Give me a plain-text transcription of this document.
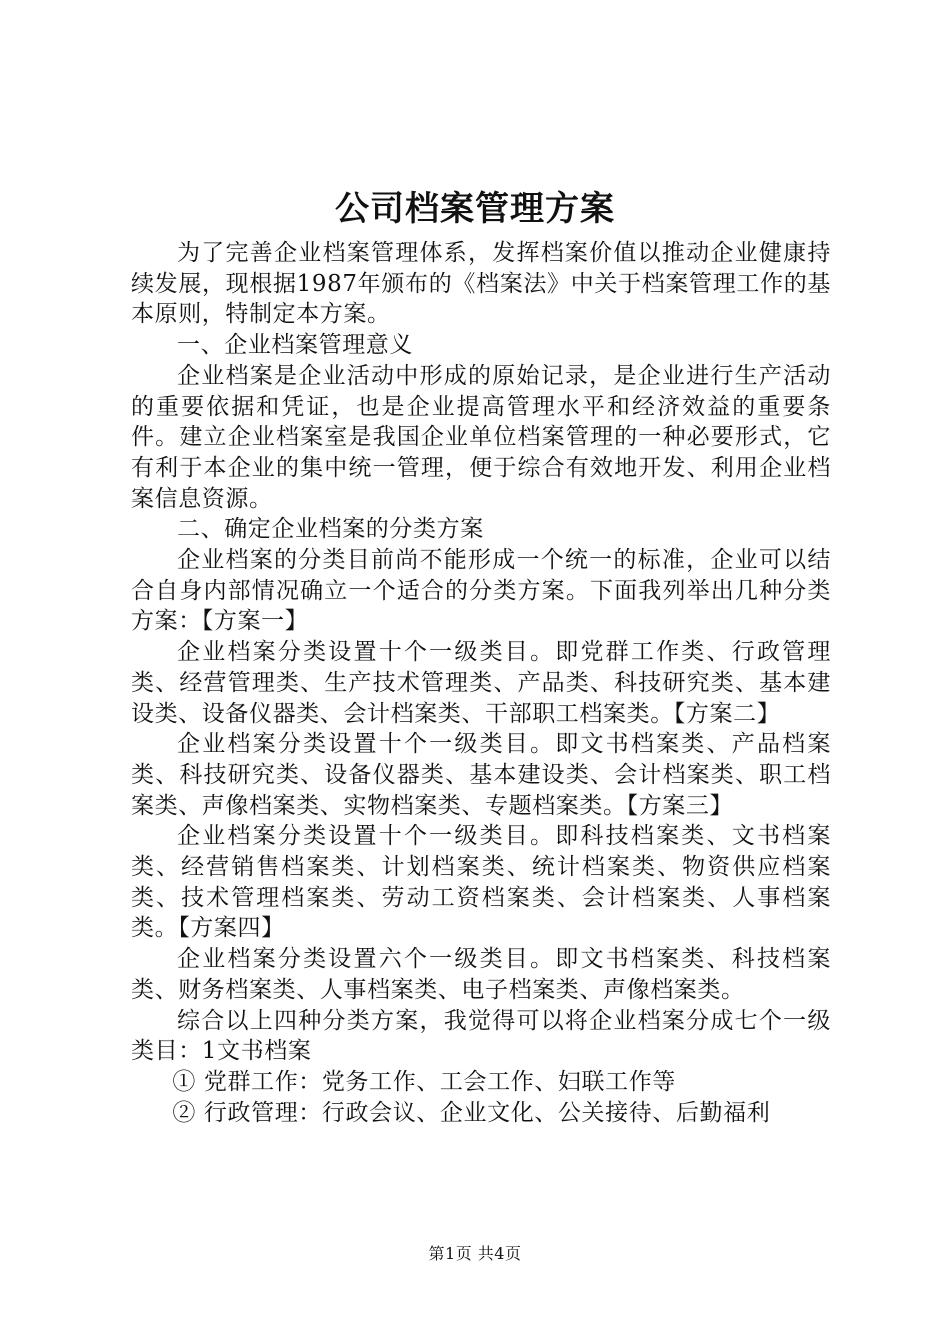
公司档案管理方案

为了完善企业档案管理体系，发挥档案价值以推动企业健康持续发展，现根据1987年颁布的《档案法》中关于档案管理工作的基本原则，特制定本方案。

一、企业档案管理意义

企业档案是企业活动中形成的原始记录，是企业进行生产活动的重要依据和凭证，也是企业提高管理水平和经济效益的重要条件。建立企业档案室是我国企业单位档案管理的一种必要形式，它有利于本企业的集中统一管理，便于综合有效地开发、利用企业档案信息资源。

二、确定企业档案的分类方案

企业档案的分类目前尚不能形成一个统一的标准，企业可以结合自身内部情况确立一个适合的分类方案。下面我列举出几种分类方案：【方案一】

企业档案分类设置十个一级类目。即党群工作类、行政管理类、经营管理类、生产技术管理类、产品类、科技研究类、基本建设类、设备仪器类、会计档案类、干部职工档案类。【方案二】

企业档案分类设置十个一级类目。即文书档案类、产品档案类、科技研究类、设备仪器类、基本建设类、会计档案类、职工档案类、声像档案类、实物档案类、专题档案类。【方案三】

企业档案分类设置十个一级类目。即科技档案类、文书档案类、经营销售档案类、计划档案类、统计档案类、物资供应档案类、技术管理档案类、劳动工资档案类、会计档案类、人事档案类。【方案四】

企业档案分类设置六个一级类目。即文书档案类、科技档案类、财务档案类、人事档案类、电子档案类、声像档案类。

综合以上四种分类方案，我觉得可以将企业档案分成七个一级类目：1文书档案

① 党群工作：党务工作、工会工作、妇联工作等

② 行政管理：行政会议、企业文化、公关接待、后勤福利

第1页 共4页
